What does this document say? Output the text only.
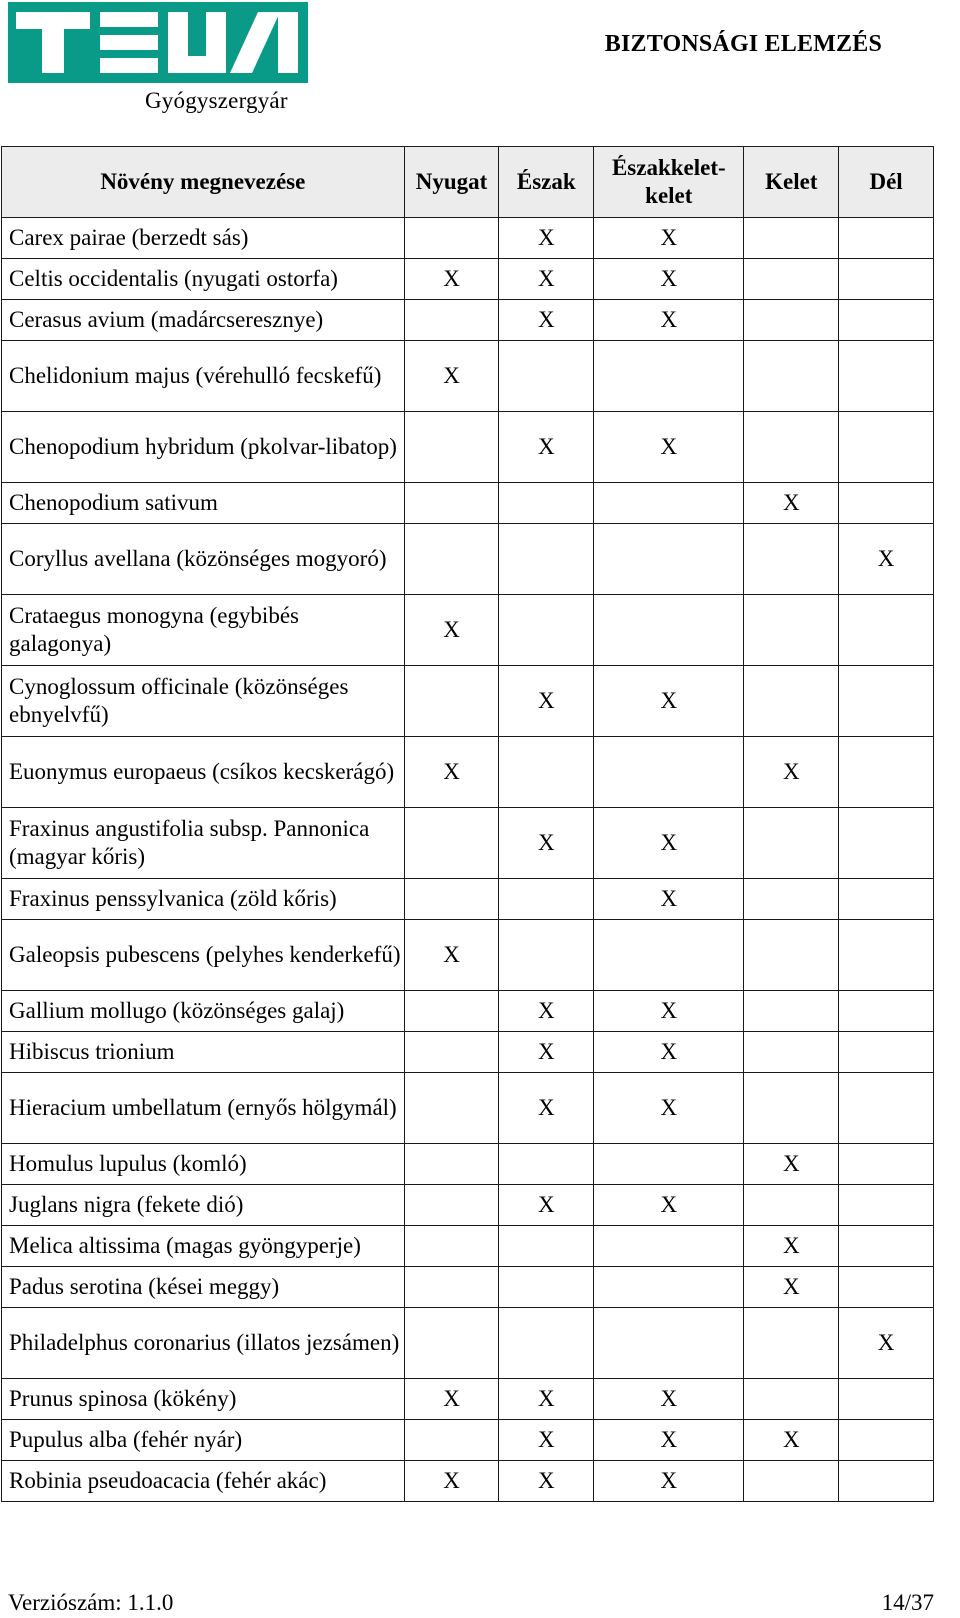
Gyógyszergyár
BIZTONSÁGI ELEMZÉS
Növény megnevezése	Nyugat	Észak	Északkelet-kelet	Kelet	Dél
Carex pairae (berzedt sás)		X	X		
Celtis occidentalis (nyugati ostorfa)	X	X	X		
Cerasus avium (madárcseresznye)		X	X		
Chelidonium majus (vérehulló fecskefű)	X				
Chenopodium hybridum (pkolvar-libatop)		X	X		
Chenopodium sativum				X	
Coryllus avellana (közönséges mogyoró)					X
Crataegus monogyna (egybibés galagonya)	X				
Cynoglossum officinale (közönséges ebnyelvfű)		X	X		
Euonymus europaeus (csíkos kecskerágó)	X			X	
Fraxinus angustifolia subsp. Pannonica (magyar kőris)		X	X		
Fraxinus penssylvanica (zöld kőris)			X		
Galeopsis pubescens (pelyhes kenderkefű)	X				
Gallium mollugo (közönséges galaj)		X	X		
Hibiscus trionium		X	X		
Hieracium umbellatum (ernyős hölgymál)		X	X		
Homulus lupulus (komló)				X	
Juglans nigra (fekete dió)		X	X		
Melica altissima (magas gyöngyperje)				X	
Padus serotina (kései meggy)				X	
Philadelphus coronarius (illatos jezsámen)					X
Prunus spinosa (kökény)	X	X	X		
Pupulus alba (fehér nyár)		X	X	X	
Robinia pseudoacacia (fehér akác)	X	X	X		
Verziószám: 1.1.0	14/37
